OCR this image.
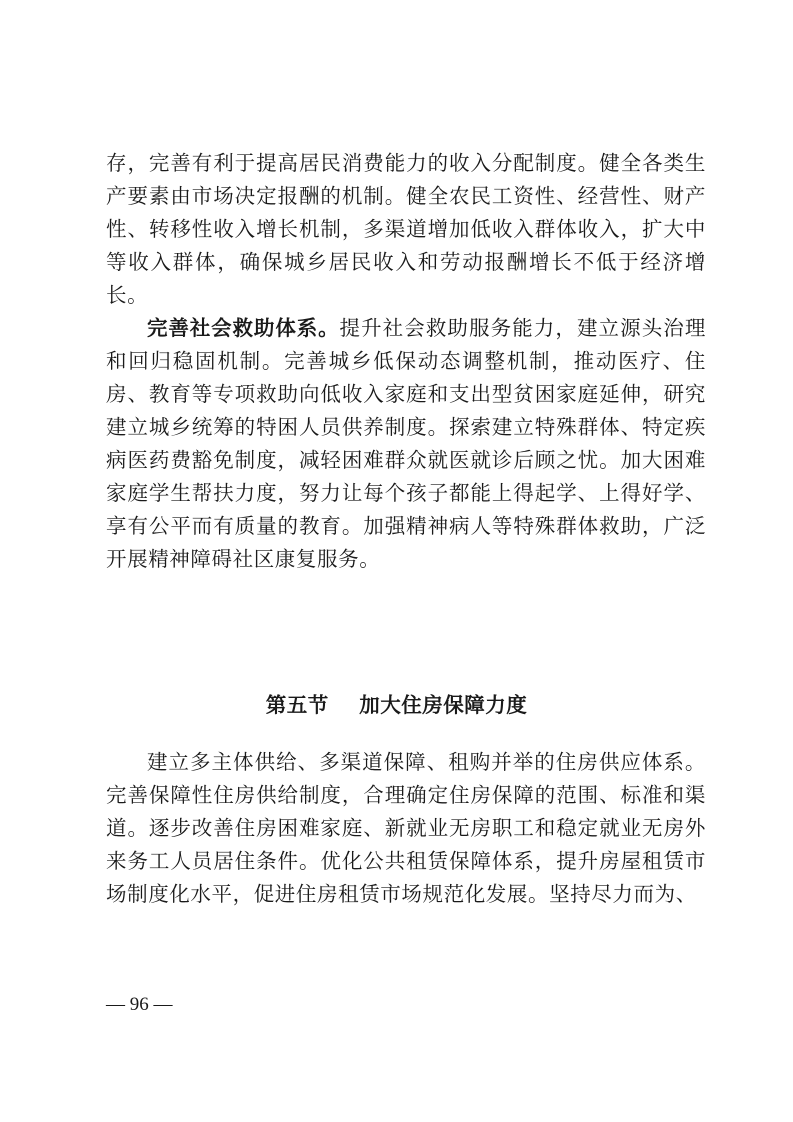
存，完善有利于提高居民消费能力的收入分配制度。健全各类生产要素由市场决定报酬的机制。健全农民工资性、经营性、财产性、转移性收入增长机制，多渠道增加低收入群体收入，扩大中等收入群体，确保城乡居民收入和劳动报酬增长不低于经济增长。

完善社会救助体系。提升社会救助服务能力，建立源头治理和回归稳固机制。完善城乡低保动态调整机制，推动医疗、住房、教育等专项救助向低收入家庭和支出型贫困家庭延伸，研究建立城乡统筹的特困人员供养制度。探索建立特殊群体、特定疾病医药费豁免制度，减轻困难群众就医就诊后顾之忧。加大困难家庭学生帮扶力度，努力让每个孩子都能上得起学、上得好学、享有公平而有质量的教育。加强精神病人等特殊群体救助，广泛开展精神障碍社区康复服务。

第五节    加大住房保障力度

建立多主体供给、多渠道保障、租购并举的住房供应体系。完善保障性住房供给制度，合理确定住房保障的范围、标准和渠道。逐步改善住房困难家庭、新就业无房职工和稳定就业无房外来务工人员居住条件。优化公共租赁保障体系，提升房屋租赁市场制度化水平，促进住房租赁市场规范化发展。坚持尽力而为、

— 96 —
